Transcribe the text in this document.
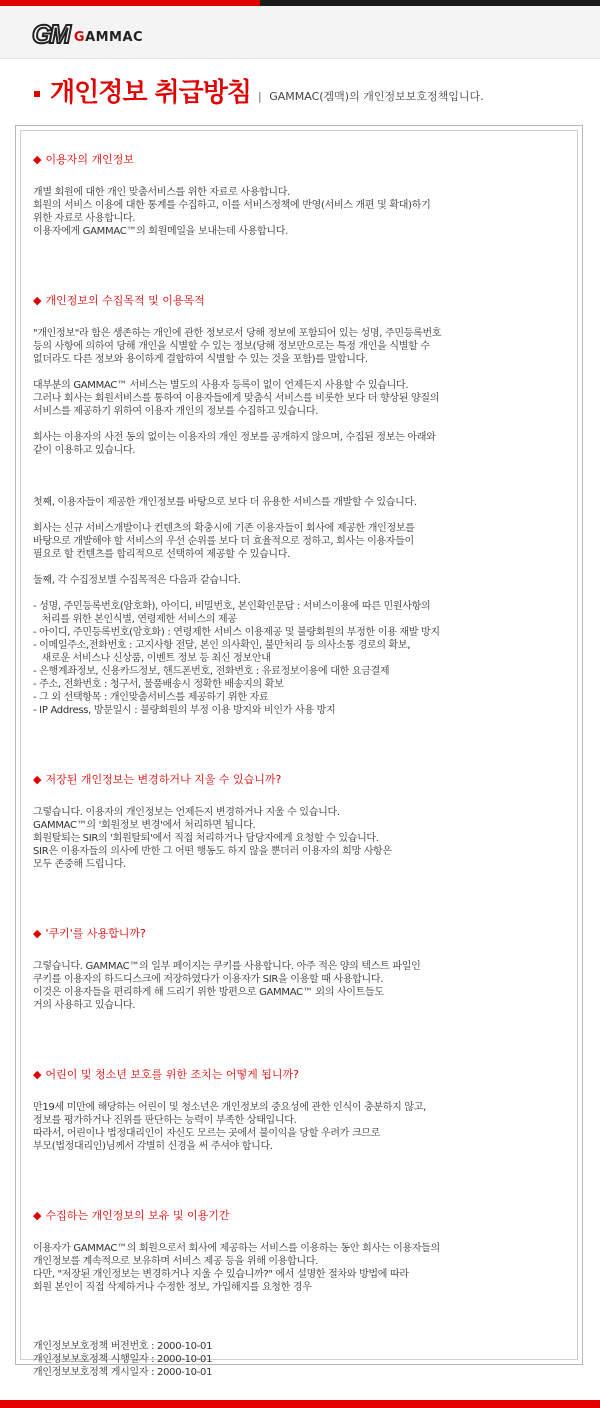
GM GAMMAC
개인정보 취급방침 | GAMMAC(겜맥)의 개인정보보호정책입니다.
◆ 이용자의 개인정보
개별 회원에 대한 개인 맞춤서비스를 위한 자료로 사용합니다.
회원의 서비스 이용에 대한 통계를 수집하고, 이를 서비스정책에 반영(서비스 개편 및 확대)하기
위한 자료로 사용합니다.
이용자에게 GAMMAC™의 회원메일을 보내는데 사용합니다.
◆ 개인정보의 수집목적 및 이용목적
"개인정보"라 함은 생존하는 개인에 관한 정보로서 당해 정보에 포함되어 있는 성명, 주민등록번호
등의 사항에 의하여 당해 개인을 식별할 수 있는 정보(당해 정보만으로는 특정 개인을 식별할 수
없더라도 다른 정보와 용이하게 결합하여 식별할 수 있는 것을 포함)를 말합니다.
대부분의 GAMMAC™ 서비스는 별도의 사용자 등록이 없이 언제든지 사용할 수 있습니다.
그러나 회사는 회원서비스를 통하여 이용자들에게 맞춤식 서비스를 비롯한 보다 더 향상된 양질의
서비스를 제공하기 위하여 이용자 개인의 정보를 수집하고 있습니다.
회사는 이용자의 사전 동의 없이는 이용자의 개인 정보를 공개하지 않으며, 수집된 정보는 아래와
같이 이용하고 있습니다.

첫째, 이용자들이 제공한 개인정보를 바탕으로 보다 더 유용한 서비스를 개발할 수 있습니다.
회사는 신규 서비스개발이나 컨텐츠의 확충시에 기존 이용자들이 회사에 제공한 개인정보를
바탕으로 개발해야 할 서비스의 우선 순위를 보다 더 효율적으로 정하고, 회사는 이용자들이
필요로 할 컨텐츠를 합리적으로 선택하여 제공할 수 있습니다.
둘째, 각 수집정보별 수집목적은 다음과 같습니다.
- 성명, 주민등록번호(암호화), 아이디, 비밀번호, 본인확인문답 : 서비스이용에 따른 민원사항의
처리를 위한 본인식별, 연령제한 서비스의 제공
- 아이디, 주민등록번호(암호화) : 연령제한 서비스 이용제공 및 불량회원의 부정한 이용 재발 방지
- 이메일주소,전화번호 : 고지사항 전달, 본인 의사확인, 불만처리 등 의사소통 경로의 확보,
새로운 서비스나 신상품, 이벤트 정보 등 최신 정보안내
- 은행계좌정보, 신용카드정보, 핸드폰번호, 전화번호 : 유료정보이용에 대한 요금결제
- 주소, 전화번호 : 청구서, 물품배송시 정확한 배송지의 확보
- 그 외 선택항목 : 개인맞춤서비스를 제공하기 위한 자료
- IP Address, 방문일시 : 불량회원의 부정 이용 방지와 비인가 사용 방지
◆ 저장된 개인정보는 변경하거나 지울 수 있습니까?
그렇습니다. 이용자의 개인정보는 언제든지 변경하거나 지울 수 있습니다.
GAMMAC™의 '회원정보 변경'에서 처리하면 됩니다.
회원탈퇴는 SIR의 '회원탈퇴'에서 직접 처리하거나 담당자에게 요청할 수 있습니다.
SIR은 이용자들의 의사에 반한 그 어떤 행동도 하지 않을 뿐더러 이용자의 희망 사항은
모두 존중해 드립니다.
◆ '쿠키'를 사용합니까?
그렇습니다. GAMMAC™의 일부 페이지는 쿠키를 사용합니다. 아주 적은 양의 텍스트 파일인
쿠키를 이용자의 하드디스크에 저장하였다가 이용자가 SIR을 이용할 때 사용합니다.
이것은 이용자들을 편리하게 해 드리기 위한 방편으로 GAMMAC™ 외의 사이트들도
거의 사용하고 있습니다.
◆ 어린이 및 청소년 보호를 위한 조치는 어떻게 됩니까?
만19세 미만에 해당하는 어린이 및 청소년은 개인정보의 중요성에 관한 인식이 충분하지 않고,
정보를 평가하거나 진위를 판단하는 능력이 부족한 상태입니다.
따라서, 어린이나 법정대리인이 자신도 모르는 곳에서 불이익을 당할 우려가 크므로
부모(법정대리인)님께서 각별히 신경을 써 주셔야 합니다.
◆ 수집하는 개인정보의 보유 및 이용기간
이용자가 GAMMAC™의 회원으로서 회사에 제공하는 서비스를 이용하는 동안 회사는 이용자들의
개인정보를 계속적으로 보유하며 서비스 제공 등을 위해 이용합니다.
다만, "저장된 개인정보는 변경하거나 지울 수 있습니까?" 에서 설명한 절차와 방법에 따라
회원 본인이 직접 삭제하거나 수정한 정보, 가입해지를 요청한 경우
개인정보보호정책 버전번호 : 2000-10-01
개인정보보호정책 시행일자 : 2000-10-01
개인정보보호정책 게시일자 : 2000-10-01
